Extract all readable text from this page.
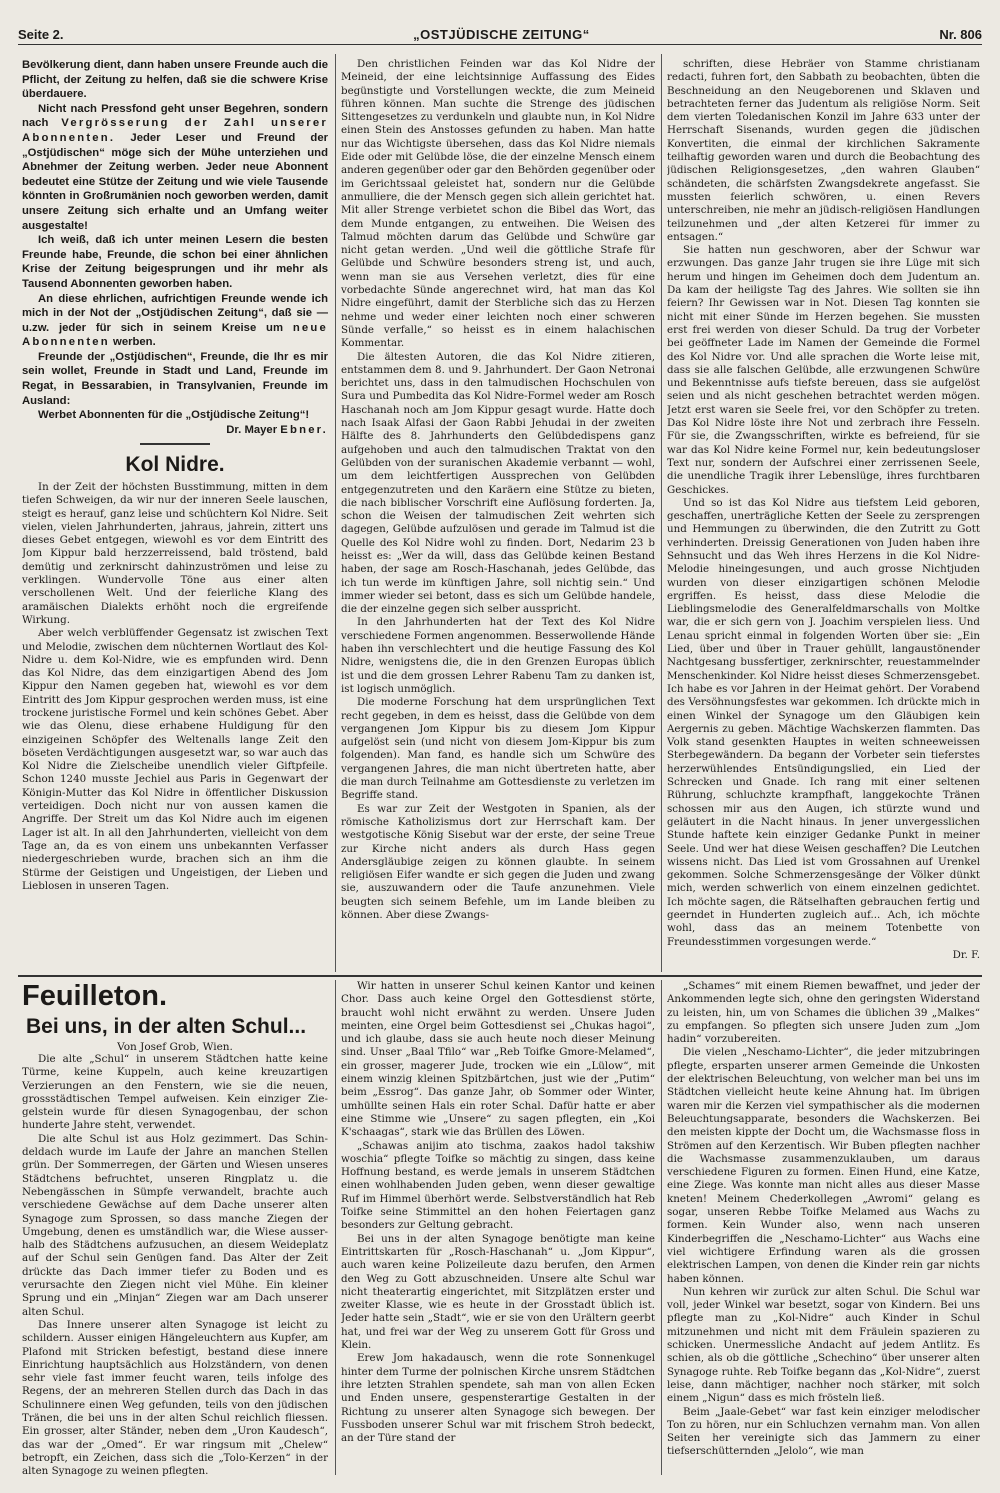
Seite 2.	„OSTJÜDISCHE ZEITUNG“	Nr. 806

Bevölkerung dient, dann haben unsere Freunde auch die Pflicht, der Zeitung zu helfen, daß sie die schwere Krise überdauere.

Nicht nach Pressfond geht unser Begehren, sondern nach Vergrösserung der Zahl unserer Abonnenten. Jeder Leser und Freund der „Ostjüdischen“ möge sich der Mühe unterziehen und Abnehmer der Zeitung werben. Jeder neue Abonnent bedeutet eine Stütze der Zeitung und wie viele Tausende könnten in Großrumänien noch geworben werden, damit unsere Zeitung sich erhalte und an Umfang weiter ausgestalte!

Ich weiß, daß ich unter meinen Lesern die besten Freunde habe, Freunde, die schon bei einer ähnlichen Krise der Zeitung beigesprungen und ihr mehr als Tausend Abonnenten geworben haben.

An diese ehrlichen, aufrichtigen Freunde wende ich mich in der Not der „Ostjüdischen Zeitung“, daß sie — u.zw. jeder für sich in seinem Kreise um neue Abonnenten werben.

Freunde der „Ostjüdischen“, Freunde, die Ihr es mir sein wollet, Freunde in Stadt und Land, Freunde im Regat, in Bessarabien, in Transylvanien, Freunde im Ausland:

Werbet Abonnenten für die „Ostjüdische Zeitung“!

Dr. Mayer Ebner.

Kol Nidre.

In der Zeit der höchsten Busstimmung, mitten in dem tiefen Schweigen, da wir nur der inneren Seele lauschen, steigt es herauf, ganz leise und schüchtern Kol Nidre. Seit vielen, vielen Jahrhunderten, jahraus, jahrein, zittert uns dieses Gebet entgegen, wiewohl es vor dem Eintritt des Jom Kippur bald herzzerreissend, bald tröstend, bald demütig und zerknirscht dahinzuströmen und leise zu verklingen. Wundervolle Töne aus einer alten verschollenen Welt. Und der feierliche Klang des aramäischen Dialekts erhöht noch die ergreifende Wirkung.

Aber welch verblüffender Gegensatz ist zwischen Text und Melodie, zwischen dem nüchternen Wortlaut des Kol-Nidre u. dem Kol-Nidre, wie es empfunden wird. Denn das Kol Nidre, das dem einzigartigen Abend des Jom Kippur den Namen gegeben hat, wiewohl es vor dem Eintritt des Jom Kippur gesprochen werden muss, ist eine trockene juristische Formel und kein schönes Gebet. Aber wie das Olenu, diese erhabene Huldigung für den einzigeinen Schöpfer des Weltenalls lange Zeit den böseten Verdächtigungen ausgesetzt war, so war auch das Kol Nidre die Zielscheibe unendlich vieler Giftpfeile. Schon 1240 musste Jechiel aus Paris in Gegenwart der Königin-Mutter das Kol Nidre in öffentlicher Diskussion verteidigen. Doch nicht nur von aussen kamen die Angriffe. Der Streit um das Kol Nidre auch im eigenen Lager ist alt. In all den Jahrhunderten, vielleicht von dem Tage an, da es von einem uns unbekannten Verfasser niedergeschrieben wurde, brachen sich an ihm die Stürme der Geistigen und Ungeistigen, der Lieben und Lieblosen in unseren Tagen.

Den christlichen Feinden war das Kol Nidre der Meineid, der eine leichtsinnige Auffassung des Eides begünstigte und Vorstellungen weckte, die zum Meineid führen können. Man suchte die Strenge des jüdischen Sittengesetzes zu verdunkeln und glaubte nun, in Kol Nidre einen Stein des Anstosses gefunden zu haben. Man hatte nur das Wichtigste übersehen, dass das Kol Nidre niemals Eide oder mit Gelübde löse, die der einzelne Mensch einem anderen gegenüber oder gar den Behörden gegenüber oder im Gerichtssaal geleistet hat, sondern nur die Gelübde anmulliere, die der Mensch gegen sich allein gerichtet hat. Mit aller Strenge verbietet schon die Bibel das Wort, das dem Munde entgangen, zu entweihen. Die Weisen des Talmud möchten darum das Gelübde und Schwüre gar nicht getan werden. „Und weil die göttliche Strafe für Gelübde und Schwüre besonders streng ist, und auch, wenn man sie aus Versehen verletzt, dies für eine vorbedachte Sünde angerechnet wird, hat man das Kol Nidre eingeführt, damit der Sterbliche sich das zu Herzen nehme und weder einer leichten noch einer schweren Sünde verfalle,“ so heisst es in einem halachischen Kommentar.

Die ältesten Autoren, die das Kol Nidre zitieren, entstammen dem 8. und 9. Jahrhundert. Der Gaon Netronai berichtet uns, dass in den talmudischen Hochschulen von Sura und Pumbedita das Kol Nidre-Formel weder am Rosch Haschanah noch am Jom Kippur gesagt wurde. Hatte doch nach Isaak Alfasi der Gaon Rabbi Jehudai in der zweiten Hälfte des 8. Jahrhunderts den Gelübdedispens ganz aufgehoben und auch den talmudischen Traktat von den Gelübden von der suranischen Akademie verbannt — wohl, um dem leichtfertigen Aussprechen von Gelübden entgegenzutreten und den Karäern eine Stütze zu bieten, die nach biblischer Vorschrift eine Auflösung forderten. Ja, schon die Weisen der talmudischen Zeit wehrten sich dagegen, Gelübde aufzulösen und gerade im Talmud ist die Quelle des Kol Nidre wohl zu finden. Dort, Nedarim 23 b heisst es: „Wer da will, dass das Gelübde keinen Bestand haben, der sage am Rosch-Haschanah, jedes Gelübde, das ich tun werde im künftigen Jahre, soll nichtig sein.“ Und immer wieder sei betont, dass es sich um Gelübde handele, die der einzelne gegen sich selber ausspricht.

In den Jahrhunderten hat der Text des Kol Nidre verschiedene Formen angenommen. Besserwollende Hände haben ihn verschlechtert und die heutige Fassung des Kol Nidre, wenigstens die, die in den Grenzen Europas üblich ist und die dem grossen Lehrer Rabenu Tam zu danken ist, ist logisch unmöglich.

Die moderne Forschung hat dem ursprünglichen Text recht gegeben, in dem es heisst, dass die Gelübde von dem vergangenen Jom Kippur bis zu diesem Jom Kippur aufgelöst sein (und nicht von diesem Jom-Kippur bis zum folgenden). Man fand, es handle sich um Schwüre des vergangenen Jahres, die man nicht übertreten hatte, aber die man durch Teilnahme am Gottesdienste zu verletzen im Begriffe stand.

Es war zur Zeit der Westgoten in Spanien, als der römische Katholizismus dort zur Herrschaft kam. Der westgotische König Sisebut war der erste, der seine Treue zur Kirche nicht anders als durch Hass gegen Andersgläubige zeigen zu können glaubte. In seinem religiösen Eifer wandte er sich gegen die Juden und zwang sie, auszuwandern oder die Taufe anzunehmen. Viele beugten sich seinem Befehle, um im Lande bleiben zu können. Aber diese Zwangs-

schriften, diese Hebräer von Stamme christianam redacti, fuhren fort, den Sabbath zu beobachten, übten die Beschneidung an den Neugeborenen und Sklaven und betrachteten ferner das Judentum als religiöse Norm. Seit dem vierten Toledanischen Konzil im Jahre 633 unter der Herrschaft Sisenands, wurden gegen die jüdischen Konvertiten, die einmal der kirchlichen Sakramente teilhaftig geworden waren und durch die Beobachtung des jüdischen Religionsgesetzes, „den wahren Glauben“ schändeten, die schärfsten Zwangsdekrete angefasst. Sie mussten feierlich schwören, u. einen Revers unterschreiben, nie mehr an jüdisch-religiösen Handlungen teilzunehmen und „der alten Ketzerei für immer zu entsagen.“

Sie hatten nun geschworen, aber der Schwur war erzwungen. Das ganze Jahr trugen sie ihre Lüge mit sich herum und hingen im Geheimen doch dem Judentum an. Da kam der heiligste Tag des Jahres. Wie sollten sie ihn feiern? Ihr Gewissen war in Not. Diesen Tag konnten sie nicht mit einer Sünde im Herzen begehen. Sie mussten erst frei werden von dieser Schuld. Da trug der Vorbeter bei geöffneter Lade im Namen der Gemeinde die Formel des Kol Nidre vor. Und alle sprachen die Worte leise mit, dass sie alle falschen Gelübde, alle erzwungenen Schwüre und Bekenntnisse aufs tiefste bereuen, dass sie aufgelöst seien und als nicht geschehen betrachtet werden mögen. Jetzt erst waren sie Seele frei, vor den Schöpfer zu treten. Das Kol Nidre löste ihre Not und zerbrach ihre Fesseln. Für sie, die Zwangsschriften, wirkte es befreiend, für sie war das Kol Nidre keine Formel nur, kein bedeutungsloser Text nur, sondern der Aufschrei einer zerrissenen Seele, die unendliche Tragik ihrer Lebenslüge, ihres furchtbaren Geschickes.

Und so ist das Kol Nidre aus tiefstem Leid geboren, geschaffen, unerträgliche Ketten der Seele zu zersprengen und Hemmungen zu überwinden, die den Zutritt zu Gott verhinderten. Dreissig Generationen von Juden haben ihre Sehnsucht und das Weh ihres Herzens in die Kol Nidre-Melodie hineingesungen, und auch grosse Nichtjuden wurden von dieser einzigartigen schönen Melodie ergriffen. Es heisst, dass diese Melodie die Lieblingsmelodie des Generalfeldmarschalls von Moltke war, die er sich gern von J. Joachim verspielen liess. Und Lenau spricht einmal in folgenden Worten über sie: „Ein Lied, über und über in Trauer gehüllt, langaustönender Nachtgesang bussfertiger, zerknirschter, reuestammelnder Menschenkinder. Kol Nidre heisst dieses Schmerzensgebet. Ich habe es vor Jahren in der Heimat gehört. Der Vorabend des Versöhnungsfestes war gekommen. Ich drückte mich in einen Winkel der Synagoge um den Gläubigen kein Aergernis zu geben. Mächtige Wachskerzen flammten. Das Volk stand gesenkten Hauptes in weiten schneeweissen Sterbegewändern. Da begann der Vorbeter sein tieferstes herzerwühlendes Entsündigungslied, ein Lied der Schrecken und Gnade. Ich rang mit einer seltenen Rührung, schluchzte krampfhaft, langgekochte Tränen schossen mir aus den Augen, ich stürzte wund und geläutert in die Nacht hinaus. In jener unvergesslichen Stunde haftete kein einziger Gedanke Punkt in meiner Seele. Und wer hat diese Weisen geschaffen? Die Leutchen wissens nicht. Das Lied ist vom Grossahnen auf Urenkel gekommen. Solche Schmerzensgesänge der Völker dünkt mich, werden schwerlich von einem einzelnen gedichtet. Ich möchte sagen, die Rätselhaften gebrauchen fertig und geerndet in Hunderten zugleich auf... Ach, ich möchte wohl, dass das an meinem Totenbette von Freundesstimmen vorgesungen werde.“

Dr. F.

Feuilleton.
Bei uns, in der alten Schul...

Von Josef Grob, Wien.

Die alte „Schul“ in unserem Städtchen hatte keine Türme, keine Kuppeln, auch keine kreuzartigen Verzierungen an den Fenstern, wie sie die neuen, grossstädtischen Tempel aufweisen. Kein einziger Ziegelstein wurde für diesen Synagogenbau, der schon hunderte Jahre steht, verwendet.

Die alte Schul ist aus Holz gezimmert. Das Schindeldach wurde im Laufe der Jahre an manchen Stellen grün. Der Sommerregen, der Gärten und Wiesen unseres Städtchens befruchtet, unseren Ringplatz u. die Nebengässchen in Sümpfe verwandelt, brachte auch verschiedene Gewächse auf dem Dache unserer alten Synagoge zum Sprossen, so dass manche Ziegen der Umgebung, denen es umständlich war, die Wiese ausserhalb des Städtchens aufzusuchen, an diesem Weideplatz auf der Schul sein Genügen fand. Das Alter der Zeit drückte das Dach immer tiefer zu Boden und es verursachte den Ziegen nicht viel Mühe. Ein kleiner Sprung und ein „Minjan“ Ziegen war am Dach unserer alten Schul.

Das Innere unserer alten Synagoge ist leicht zu schildern. Ausser einigen Hängeleuchtern aus Kupfer, am Plafond mit Stricken befestigt, bestand diese innere Einrichtung hauptsächlich aus Holzständern, von denen sehr viele fast immer feucht waren, teils infolge des Regens, der an mehreren Stellen durch das Dach in das Schulinnere einen Weg gefunden, teils von den jüdischen Tränen, die bei uns in der alten Schul reichlich fliessen. Ein grosser, alter Ständer, neben dem „Uron Kaudesch“, das war der „Omed“. Er war ringsum mit „Chelew“ betropft, ein Zeichen, dass sich die „Tolo-Kerzen“ in der alten Synagoge zu weinen pflegten.

Wir hatten in unserer Schul keinen Kantor und keinen Chor. Dass auch keine Orgel den Gottesdienst störte, braucht wohl nicht erwähnt zu werden. Unsere Juden meinten, eine Orgel beim Gottesdienst sei „Chukas hagoi“, und ich glaube, dass sie auch heute noch dieser Meinung sind. Unser „Baal Tfilo“ war „Reb Toifke Gmore-Melamed“, ein grosser, magerer Jude, trocken wie ein „Lülow“, mit einem winzig kleinen Spitzbärtchen, just wie der „Putim“ beim „Essrog“. Das ganze Jahr, ob Sommer oder Winter, umhüllte seinen Hals ein roter Schal. Dafür hatte er aber eine Stimme wie „Unsere“ zu sagen pflegten, ein „Koi K'schaagas“, stark wie das Brüllen des Löwen.

„Schawas anijim ato tischma, zaakos hadol takshiw woschia“ pflegte Toifke so mächtig zu singen, dass keine Hoffnung bestand, es werde jemals in unserem Städtchen einen wohlhabenden Juden geben, wenn dieser gewaltige Ruf im Himmel überhört werde. Selbstverständlich hat Reb Toifke seine Stimmittel an den hohen Feiertagen ganz besonders zur Geltung gebracht.

Bei uns in der alten Synagoge benötigte man keine Eintrittskarten für „Rosch-Haschanah“ u. „Jom Kippur“, auch waren keine Polizeileute dazu berufen, den Armen den Weg zu Gott abzuschneiden. Unsere alte Schul war nicht theaterartig eingerichtet, mit Sitzplätzen erster und zweiter Klasse, wie es heute in der Grosstadt üblich ist. Jeder hatte sein „Stadt“, wie er sie von den Urältern geerbt hat, und frei war der Weg zu unserem Gott für Gross und Klein.

Erew Jom hakadausch, wenn die rote Sonnenkugel hinter dem Turme der polnischen Kirche unsrem Städtchen ihre letzten Strahlen spendete, sah man von allen Ecken und Enden unsere, gespensterartige Gestalten in der Richtung zu unserer alten Synagoge sich bewegen. Der Fussboden unserer Schul war mit frischem Stroh bedeckt, an der Türe stand der

„Schames“ mit einem Riemen bewaffnet, und jeder der Ankommenden legte sich, ohne den geringsten Widerstand zu leisten, hin, um von Schames die üblichen 39 „Malkes“ zu empfangen. So pflegten sich unsere Juden zum „Jom hadin“ vorzubereiten.

Die vielen „Neschamo-Lichter“, die jeder mitzubringen pflegte, ersparten unserer armen Gemeinde die Unkosten der elektrischen Beleuchtung, von welcher man bei uns im Städtchen vielleicht heute keine Ahnung hat. Im übrigen waren mir die Kerzen viel sympathischer als die modernen Beleuchtungsapparate, besonders die Wachskerzen. Bei den meisten kippte der Docht um, die Wachsmasse floss in Strömen auf den Kerzentisch. Wir Buben pflegten nachher die Wachsmasse zusammenzuklauben, um daraus verschiedene Figuren zu formen. Einen Hund, eine Katze, eine Ziege. Was konnte man nicht alles aus dieser Masse kneten! Meinem Chederkollegen „Awromi“ gelang es sogar, unseren Rebbe Toifke Melamed aus Wachs zu formen. Kein Wunder also, wenn nach unseren Kinderbegriffen die „Neschamo-Lichter“ aus Wachs eine viel wichtigere Erfindung waren als die grossen elektrischen Lampen, von denen die Kinder rein gar nichts haben können.

Nun kehren wir zurück zur alten Schul. Die Schul war voll, jeder Winkel war besetzt, sogar von Kindern. Bei uns pflegte man zu „Kol-Nidre“ auch Kinder in Schul mitzunehmen und nicht mit dem Fräulein spazieren zu schicken. Unermessliche Andacht auf jedem Antlitz. Es schien, als ob die göttliche „Schechino“ über unserer alten Synagoge ruhte. Reb Toifke begann das „Kol-Nidre“, zuerst leise, dann mächtiger, nachher noch stärker, mit solch einem „Nigun“ dass es mich frösteln ließ.

Beim „Jaale-Gebet“ war fast kein einziger melodischer Ton zu hören, nur ein Schluchzen vernahm man. Von allen Seiten her vereinigte sich das Jammern zu einer tiefserschütternden „Jelolo“, wie man
